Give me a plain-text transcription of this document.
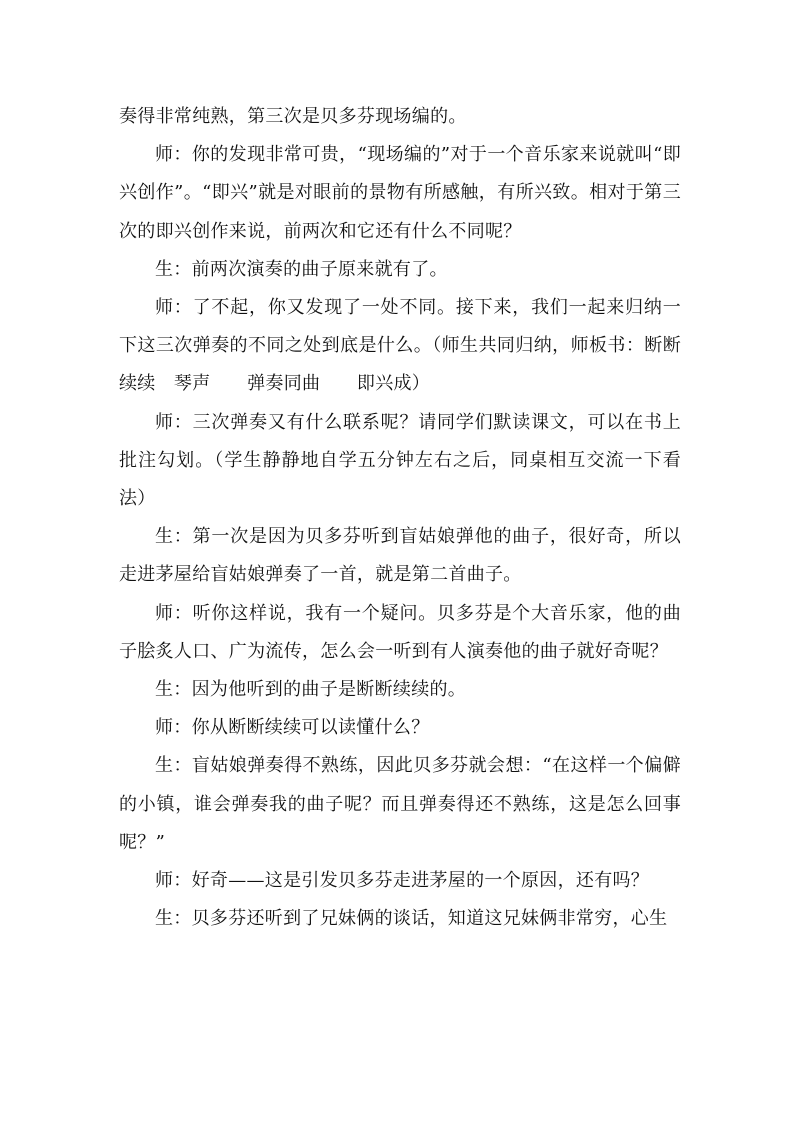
奏得非常纯熟，第三次是贝多芬现场编的。

师：你的发现非常可贵，“现场编的”对于一个音乐家来说就叫“即兴创作”。“即兴”就是对眼前的景物有所感触，有所兴致。相对于第三次的即兴创作来说，前两次和它还有什么不同呢？

生：前两次演奏的曲子原来就有了。

师：了不起，你又发现了一处不同。接下来，我们一起来归纳一下这三次弹奏的不同之处到底是什么。（师生共同归纳，师板书：断断续续　琴声　　弹奏同曲　　即兴成）

师：三次弹奏又有什么联系呢？请同学们默读课文，可以在书上批注勾划。（学生静静地自学五分钟左右之后，同桌相互交流一下看法）

生：第一次是因为贝多芬听到盲姑娘弹他的曲子，很好奇，所以走进茅屋给盲姑娘弹奏了一首，就是第二首曲子。

师：听你这样说，我有一个疑问。贝多芬是个大音乐家，他的曲子脍炙人口、广为流传，怎么会一听到有人演奏他的曲子就好奇呢？

生：因为他听到的曲子是断断续续的。

师：你从断断续续可以读懂什么？

生：盲姑娘弹奏得不熟练，因此贝多芬就会想：“在这样一个偏僻的小镇，谁会弹奏我的曲子呢？而且弹奏得还不熟练，这是怎么回事呢？”

师：好奇——这是引发贝多芬走进茅屋的一个原因，还有吗？

生：贝多芬还听到了兄妹俩的谈话，知道这兄妹俩非常穷，心生
